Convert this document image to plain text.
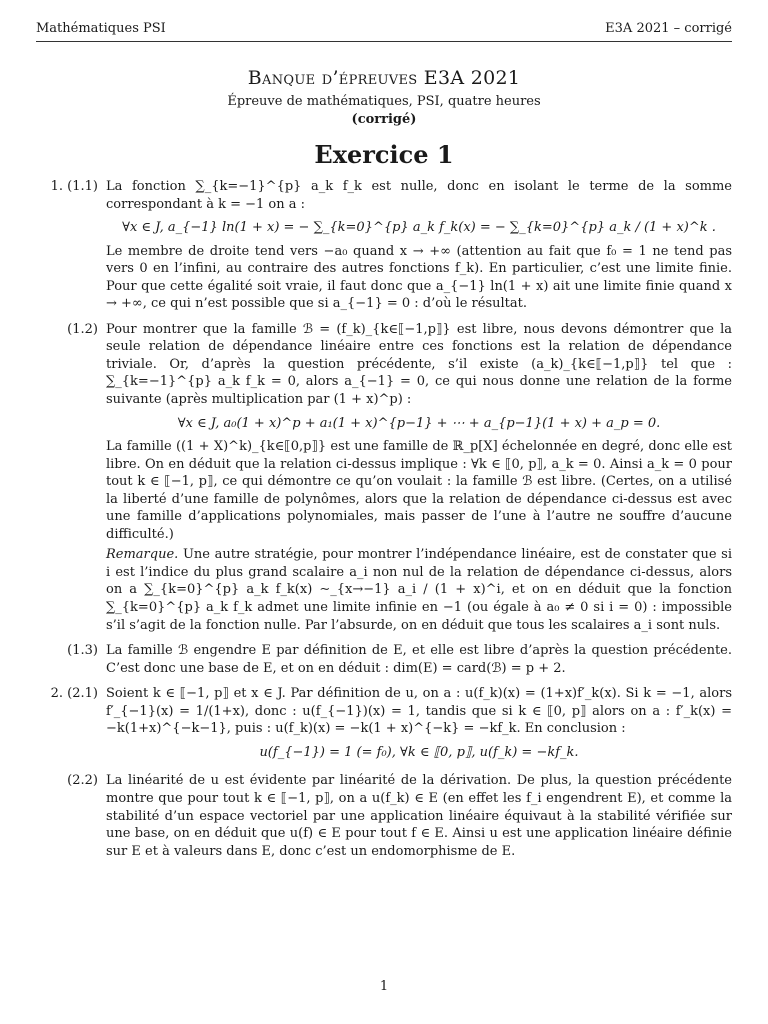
Mathématiques PSI	E3A 2021 – corrigé
Banque d’épreuves E3A 2021
Épreuve de mathématiques, PSI, quatre heures
(corrigé)
Exercice 1
1. (1.1) La fonction ∑_{k=−1}^{p} a_k f_k est nulle, donc en isolant le terme de la somme correspondant à k = −1 on a :

∀x ∈ J, a_{−1} ln(1 + x) = − ∑_{k=0}^{p} a_k f_k(x) = − ∑_{k=0}^{p} a_k / (1 + x)^k .

Le membre de droite tend vers −a₀ quand x → +∞ (attention au fait que f₀ = 1 ne tend pas vers 0 en l’infini, au contraire des autres fonctions f_k). En particulier, c’est une limite finie. Pour que cette égalité soit vraie, il faut donc que a_{−1} ln(1 + x) ait une limite finie quand x → +∞, ce qui n’est possible que si a_{−1} = 0 : d’où le résultat.

(1.2) Pour montrer que la famille ℬ = (f_k)_{k∈⟦−1,p⟧} est libre, nous devons démontrer que la seule relation de dépendance linéaire entre ces fonctions est la relation de dépendance triviale. Or, d’après la question précédente, s’il existe (a_k)_{k∈⟦−1,p⟧} tel que : ∑_{k=−1}^{p} a_k f_k = 0, alors a_{−1} = 0, ce qui nous donne une relation de la forme suivante (après multiplication par (1 + x)^p) :

∀x ∈ J, a₀(1 + x)^p + a₁(1 + x)^{p−1} + ⋯ + a_{p−1}(1 + x) + a_p = 0.

La famille ((1 + X)^k)_{k∈⟦0,p⟧} est une famille de ℝ_p[X] échelonnée en degré, donc elle est libre. On en déduit que la relation ci-dessus implique : ∀k ∈ ⟦0, p⟧, a_k = 0. Ainsi a_k = 0 pour tout k ∈ ⟦−1, p⟧, ce qui démontre ce qu’on voulait : la famille ℬ est libre. (Certes, on a utilisé la liberté d’une famille de polynômes, alors que la relation de dépendance ci-dessus est avec une famille d’applications polynomiales, mais passer de l’une à l’autre ne souffre d’aucune difficulté.)

Remarque. Une autre stratégie, pour montrer l’indépendance linéaire, est de constater que si i est l’indice du plus grand scalaire a_i non nul de la relation de dépendance ci-dessus, alors on a ∑_{k=0}^{p} a_k f_k(x) ∼_{x→−1} a_i / (1 + x)^i, et on en déduit que la fonction ∑_{k=0}^{p} a_k f_k admet une limite infinie en −1 (ou égale à a₀ ≠ 0 si i = 0) : impossible s’il s’agit de la fonction nulle. Par l’absurde, on en déduit que tous les scalaires a_i sont nuls.

(1.3) La famille ℬ engendre E par définition de E, et elle est libre d’après la question précédente. C’est donc une base de E, et on en déduit : dim(E) = card(ℬ) = p + 2.

2. (2.1) Soient k ∈ ⟦−1, p⟧ et x ∈ J. Par définition de u, on a : u(f_k)(x) = (1+x)f′_k(x). Si k = −1, alors f′_{−1}(x) = 1/(1+x), donc : u(f_{−1})(x) = 1, tandis que si k ∈ ⟦0, p⟧ alors on a : f′_k(x) = −k(1+x)^{−k−1}, puis : u(f_k)(x) = −k(1 + x)^{−k} = −kf_k. En conclusion :

u(f_{−1}) = 1 (= f₀), ∀k ∈ ⟦0, p⟧, u(f_k) = −kf_k.
(2.2) La linéarité de u est évidente par linéarité de la dérivation. De plus, la question précédente montre que pour tout k ∈ ⟦−1, p⟧, on a u(f_k) ∈ E (en effet les f_i engendrent E), et comme la stabilité d’un espace vectoriel par une application linéaire équivaut à la stabilité vérifiée sur une base, on en déduit que u(f) ∈ E pour tout f ∈ E. Ainsi u est une application linéaire définie sur E et à valeurs dans E, donc c’est un endomorphisme de E.

1
